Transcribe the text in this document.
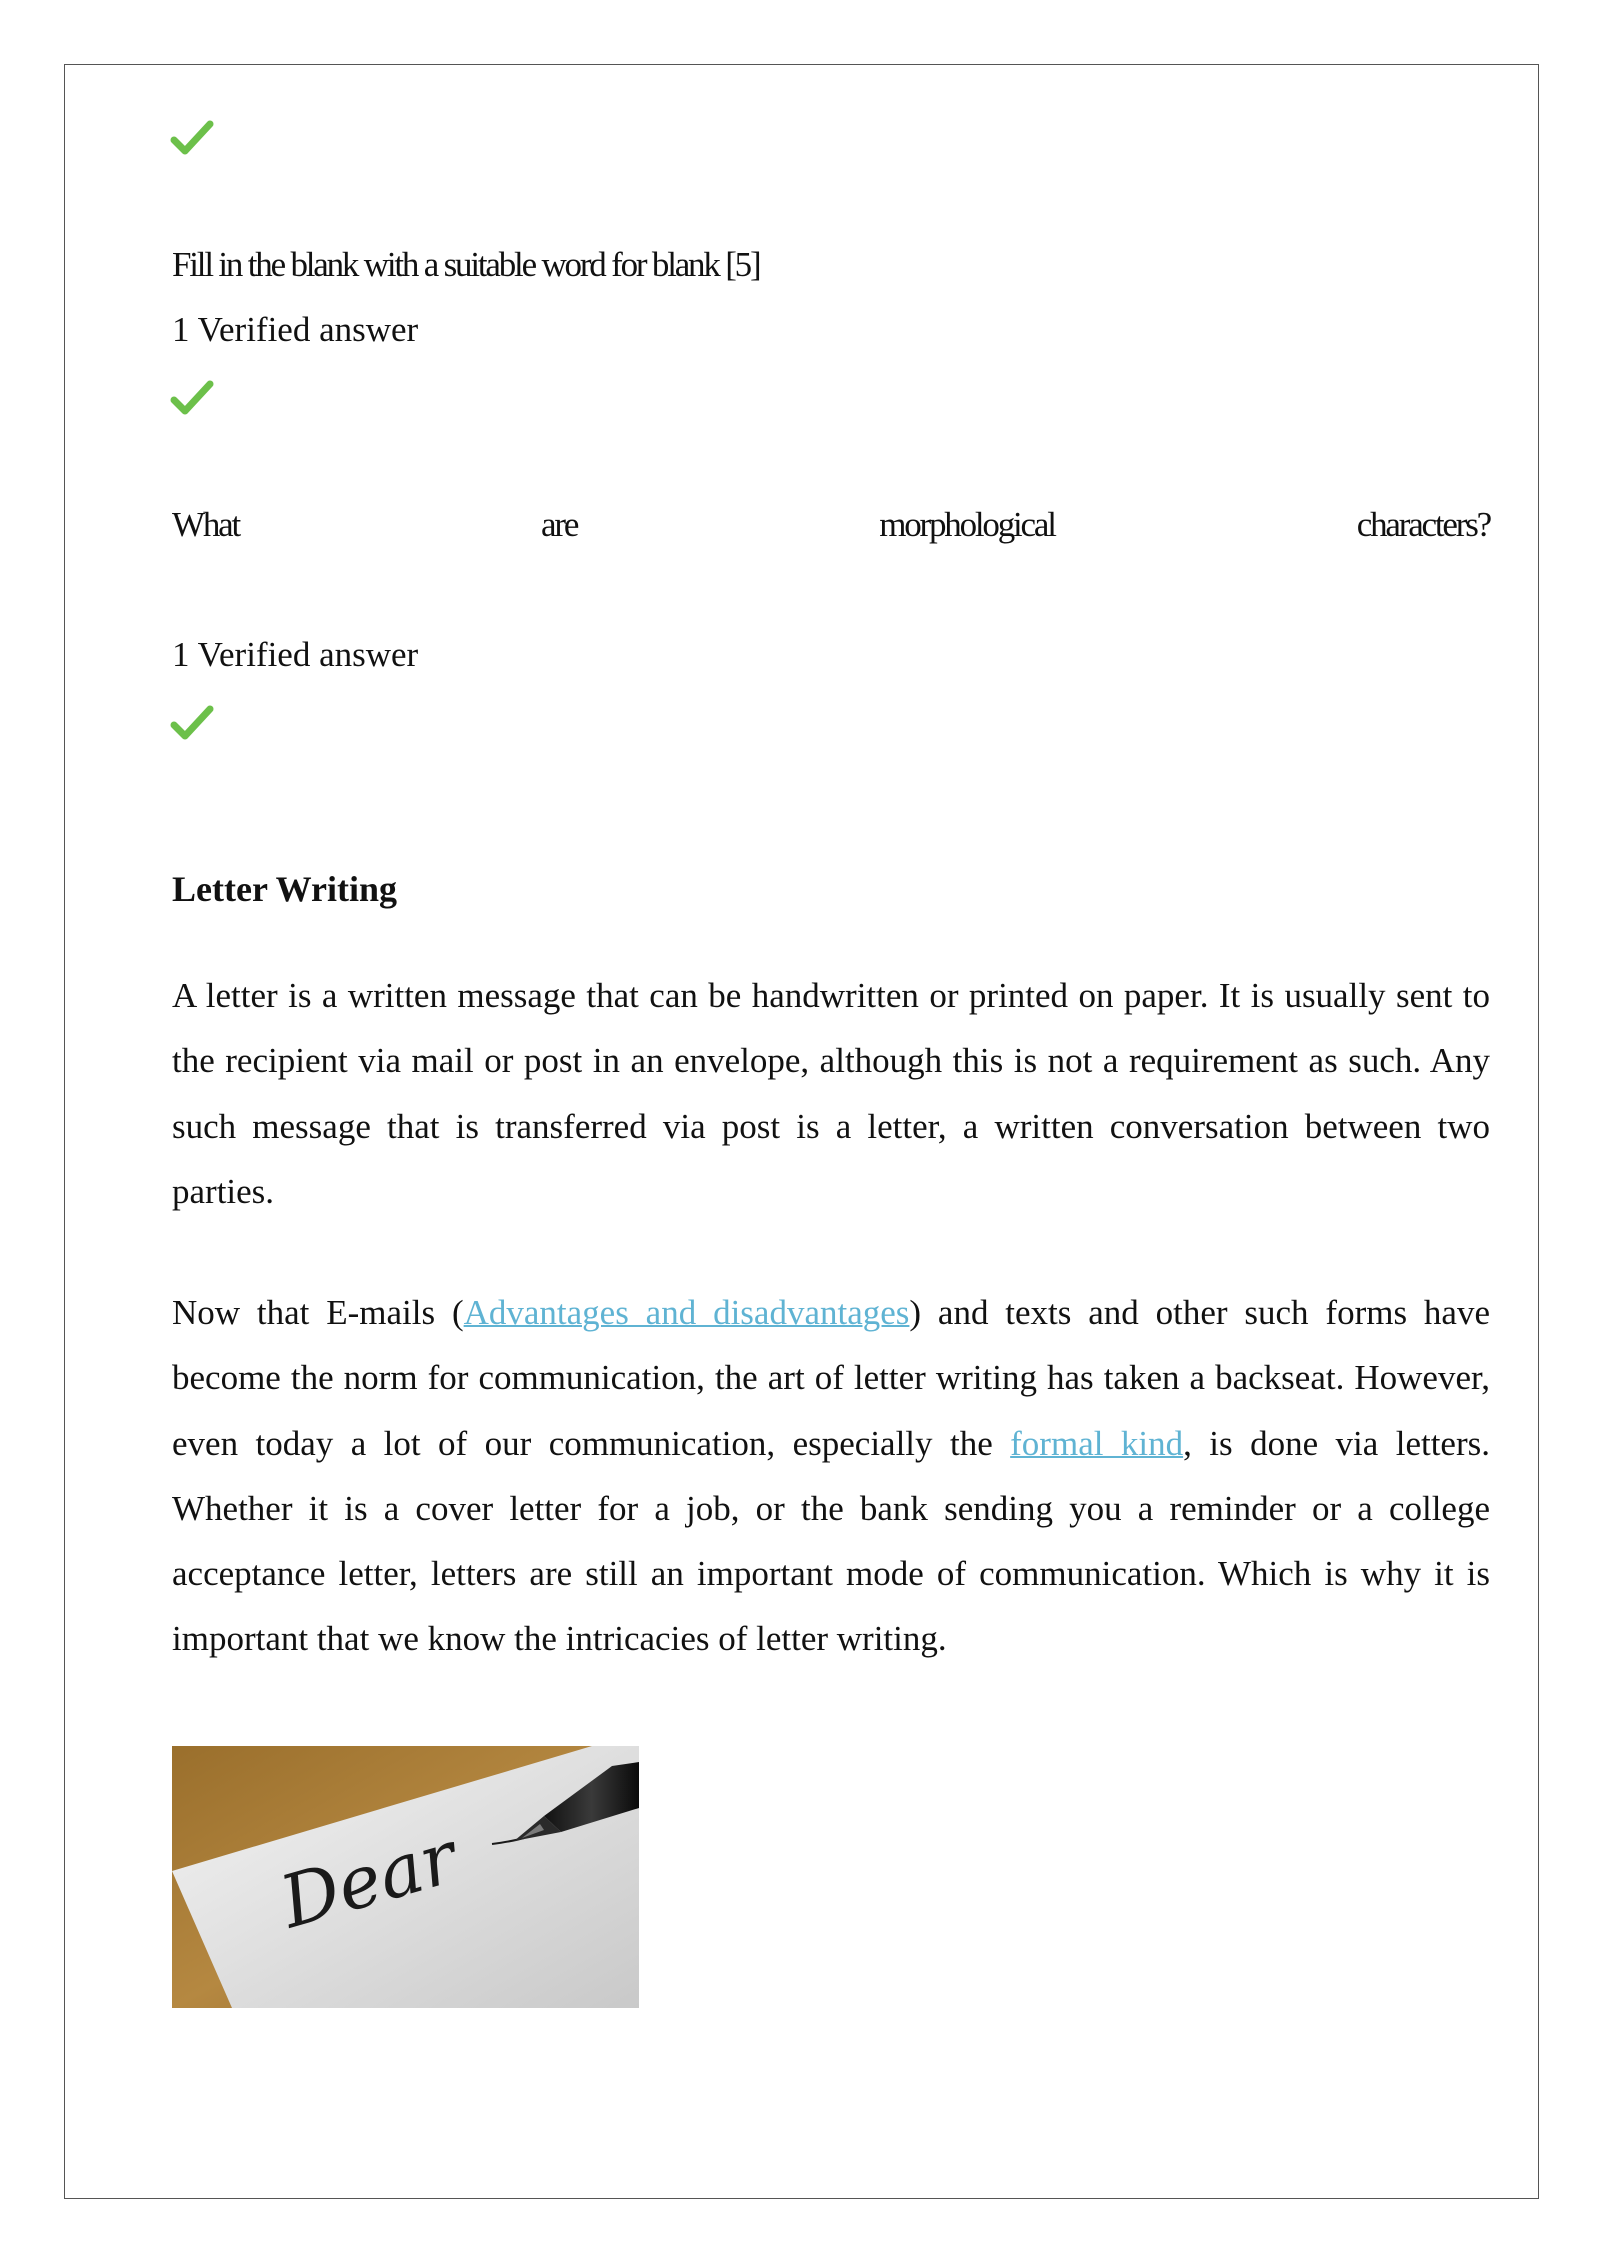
Fill in the blank with a suitable word for blank [5]
1 Verified answer
What	are	morphological	characters?
1 Verified answer
Letter Writing

A letter is a written message that can be handwritten or printed on paper. It is usually sent to the recipient via mail or post in an envelope, although this is not a requirement as such. Any such message that is transferred via post is a letter, a written conversation between two parties.

Now that E-mails (Advantages and disadvantages) and texts and other such forms have become the norm for communication, the art of letter writing has taken a backseat. However, even today a lot of our communication, especially the formal kind, is done via letters. Whether it is a cover letter for a job, or the bank sending you a reminder or a college acceptance letter, letters are still an important mode of communication. Which is why it is important that we know the intricacies of letter writing.

Dear
